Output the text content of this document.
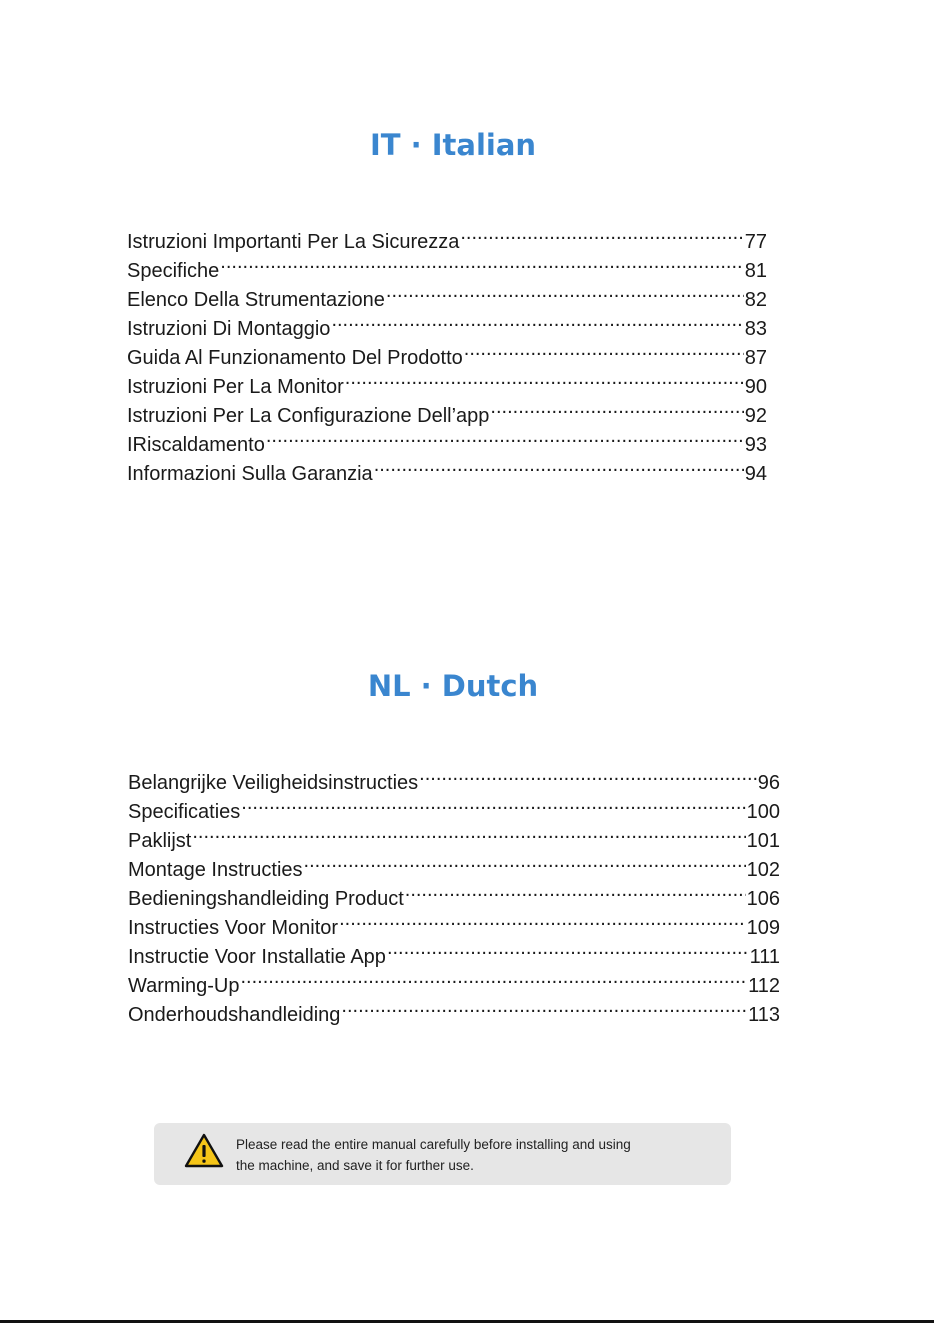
IT · Italian
Istruzioni Importanti Per La Sicurezza .....	77
Specifiche .....	81
Elenco Della Strumentazione .....	82
Istruzioni Di Montaggio .....	83
Guida Al Funzionamento Del Prodotto .....	87
Istruzioni Per La Monitor .....	90
Istruzioni Per La Configurazione Dell’app .....	92
IRiscaldamento .....	93
Informazioni Sulla Garanzia .....	94
NL · Dutch
Belangrijke Veiligheidsinstructies .....	96
Specificaties .....	100
Paklijst .....	101
Montage Instructies .....	102
Bedieningshandleiding Product .....	106
Instructies Voor Monitor .....	109
Instructie Voor Installatie App .....	111
Warming-Up .....	112
Onderhoudshandleiding .....	113
Please read the entire manual carefully before installing and using
the machine, and save it for further use.
